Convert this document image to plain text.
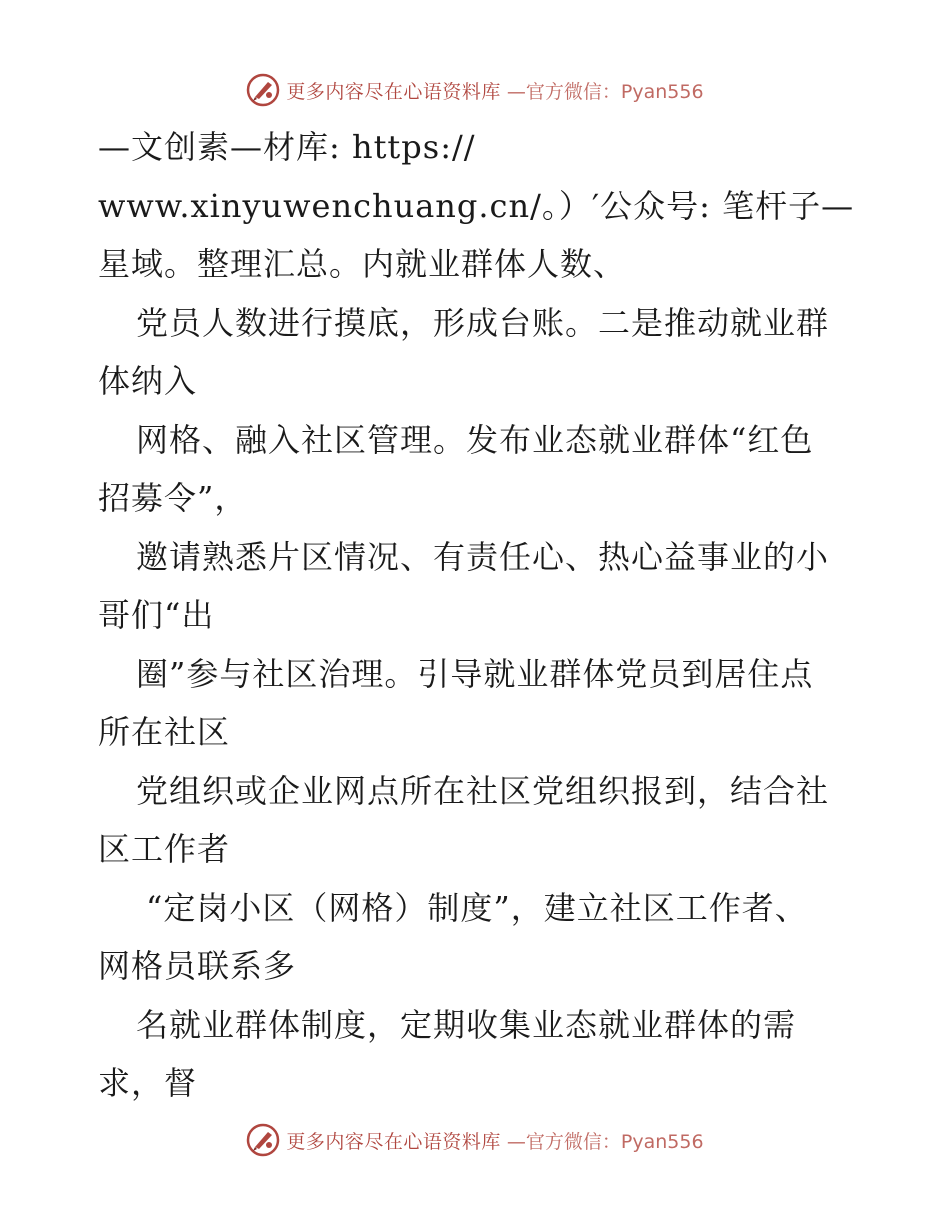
更多内容尽在心语资料库 —官方微信：Pyan556
—文创素—材库: https://
www.xinyuwenchuang.cn/。）′公众号: 笔杆子—
星域。整理汇总。内就业群体人数、
党员人数进行摸底，形成台账。二是推动就业群
体纳入
网格、融入社区管理。发布业态就业群体“红色
招募令”，
邀请熟悉片区情况、有责任心、热心益事业的小
哥们“出
圈”参与社区治理。引导就业群体党员到居住点
所在社区
党组织或企业网点所在社区党组织报到，结合社
区工作者
“定岗小区（网格）制度”，建立社区工作者、
网格员联系多
名就业群体制度，定期收集业态就业群体的需
求，督
更多内容尽在心语资料库 —官方微信：Pyan556
